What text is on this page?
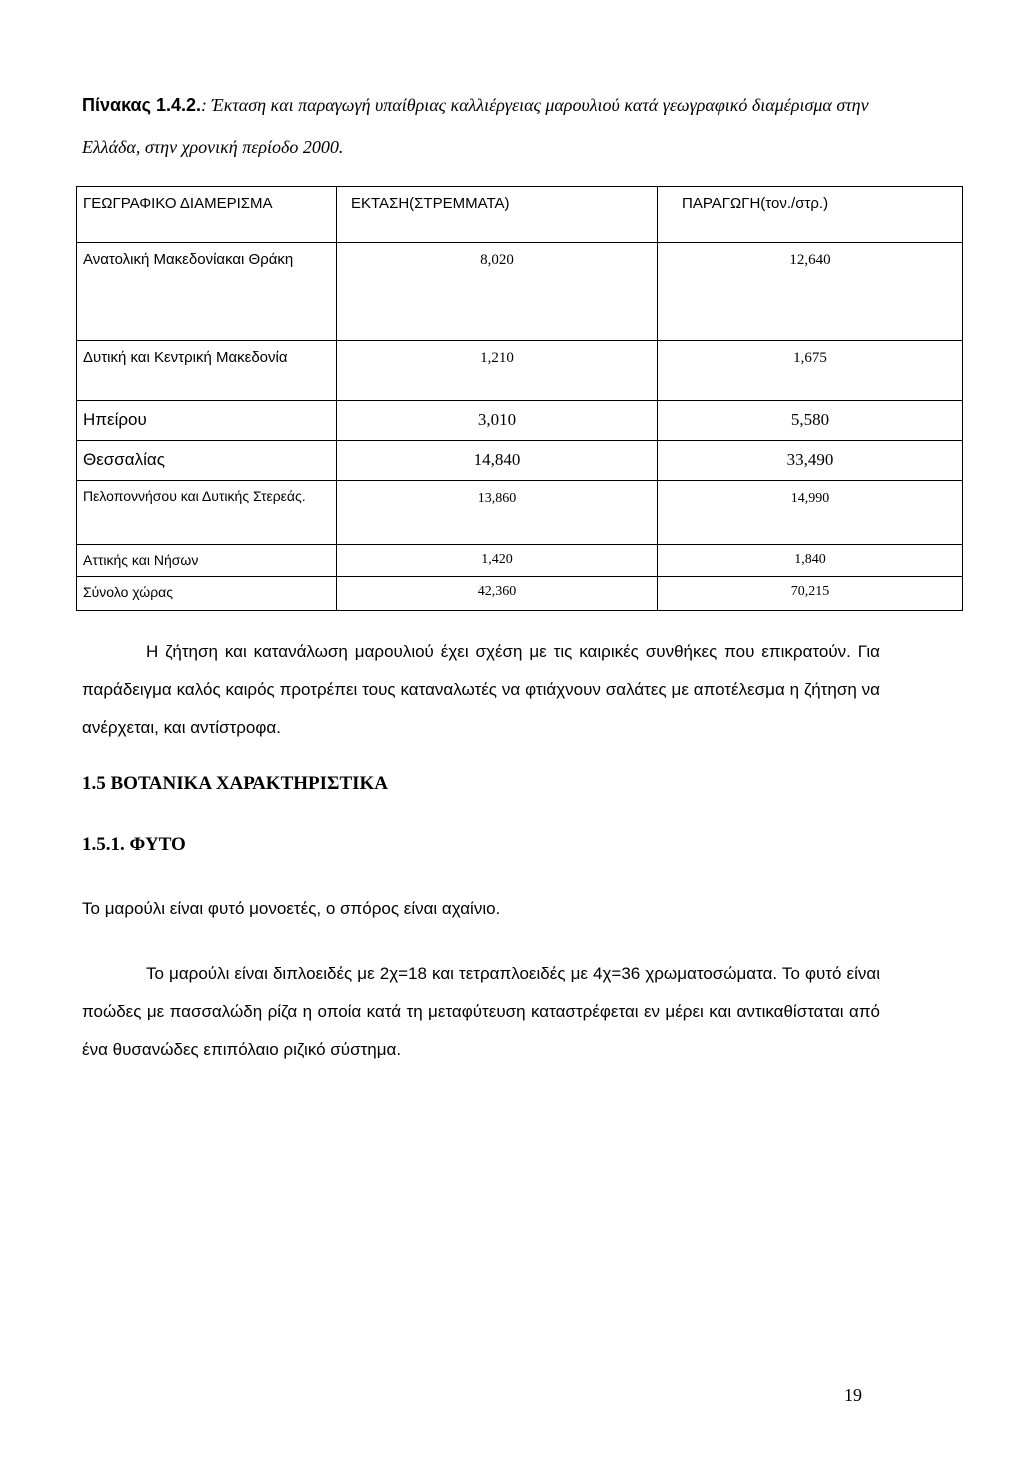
Πίνακας 1.4.2.: Έκταση και παραγωγή υπαίθριας καλλιέργειας μαρουλιού κατά γεωγραφικό διαμέρισμα στην Ελλάδα, στην χρονική περίοδο 2000.
ΓΕΩΓΡΑΦΙΚΟ ΔΙΑΜΕΡΙΣΜΑ	ΕΚΤΑΣΗ(ΣΤΡΕΜΜΑΤΑ)	ΠΑΡΑΓΩΓΗ(τον./στρ.)
Ανατολική Μακεδονίακαι Θράκη	8,020	12,640
Δυτική και Κεντρική Μακεδονία	1,210	1,675
Ηπείρου	3,010	5,580
Θεσσαλίας	14,840	33,490
Πελοποννήσου και Δυτικής Στερεάς.	13,860	14,990
Αττικής και Νήσων	1,420	1,840
Σύνολο χώρας	42,360	70,215
Η ζήτηση και κατανάλωση μαρουλιού έχει σχέση με τις καιρικές συνθήκες που επικρατούν. Για παράδειγμα καλός καιρός προτρέπει τους καταναλωτές να φτιάχνουν σαλάτες με αποτέλεσμα η ζήτηση να ανέρχεται, και αντίστροφα.
1.5 ΒΟΤΑΝΙΚΑ ΧΑΡΑΚΤΗΡΙΣΤΙΚΑ
1.5.1. ΦΥΤΟ
Το μαρούλι είναι φυτό μονοετές, ο σπόρος είναι αχαίνιο.
Το μαρούλι είναι διπλοειδές με 2χ=18 και τετραπλοειδές με 4χ=36 χρωματοσώματα. Το φυτό είναι ποώδες με πασσαλώδη ρίζα η οποία κατά τη μεταφύτευση καταστρέφεται εν μέρει και αντικαθίσταται από ένα θυσανώδες επιπόλαιο ριζικό σύστημα.
19
